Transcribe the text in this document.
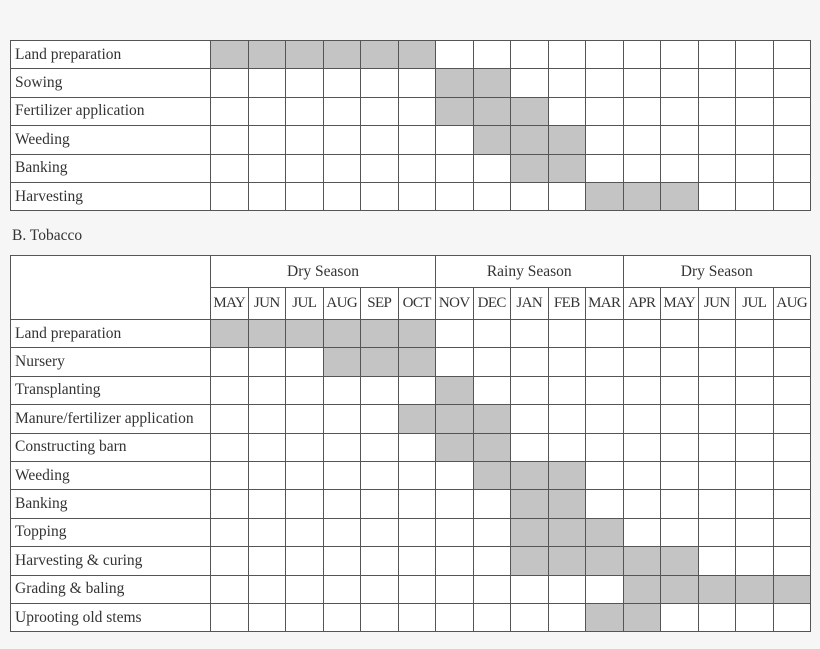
Land preparation																
Sowing																
Fertilizer application																
Weeding																
Banking																
Harvesting																

B. Tobacco

	Dry Season						Rainy Season					Dry Season				
	MAY	JUN	JUL	AUG	SEP	OCT	NOV	DEC	JAN	FEB	MAR	APR	MAY	JUN	JUL	AUG
Land preparation																
Nursery																
Transplanting																
Manure/fertilizer application																
Constructing barn																
Weeding																
Banking																
Topping																
Harvesting & curing																
Grading & baling																
Uprooting old stems																
